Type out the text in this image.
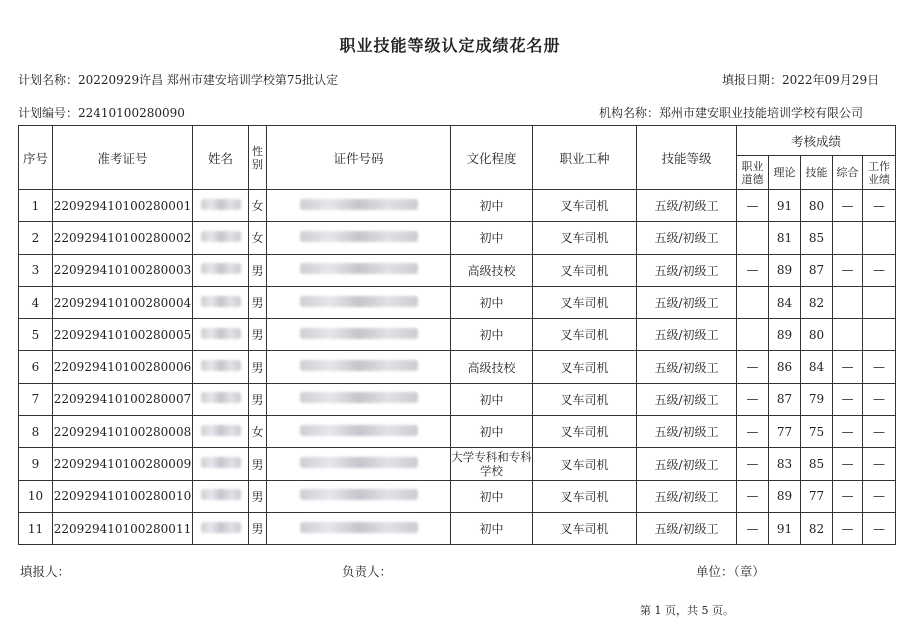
职业技能等级认定成绩花名册
计划名称：20220929许昌 郑州市建安培训学校第75批认定	填报日期：2022年09月29日
计划编号：22410100280090	机构名称：郑州市建安职业技能培训学校有限公司
序号	准考证号	姓名	性别	证件号码	文化程度	职业工种	技能等级	考核成绩				
								职业道德	理论	技能	综合	工作业绩
1	220929410100280001		女		初中	叉车司机	五级/初级工	—	91	80	—	—
2	220929410100280002		女		初中	叉车司机	五级/初级工		81	85		
3	220929410100280003		男		高级技校	叉车司机	五级/初级工	—	89	87	—	—
4	220929410100280004		男		初中	叉车司机	五级/初级工		84	82		
5	220929410100280005		男		初中	叉车司机	五级/初级工		89	80		
6	220929410100280006		男		高级技校	叉车司机	五级/初级工	—	86	84	—	—
7	220929410100280007		男		初中	叉车司机	五级/初级工	—	87	79	—	—
8	220929410100280008		女		初中	叉车司机	五级/初级工	—	77	75	—	—
9	220929410100280009		男		大学专科和专科学校	叉车司机	五级/初级工	—	83	85	—	—
10	220929410100280010		男		初中	叉车司机	五级/初级工	—	89	77	—	—
11	220929410100280011		男		初中	叉车司机	五级/初级工	—	91	82	—	—
填报人：	负责人：	单位：（章）
第 1 页，共 5 页。
